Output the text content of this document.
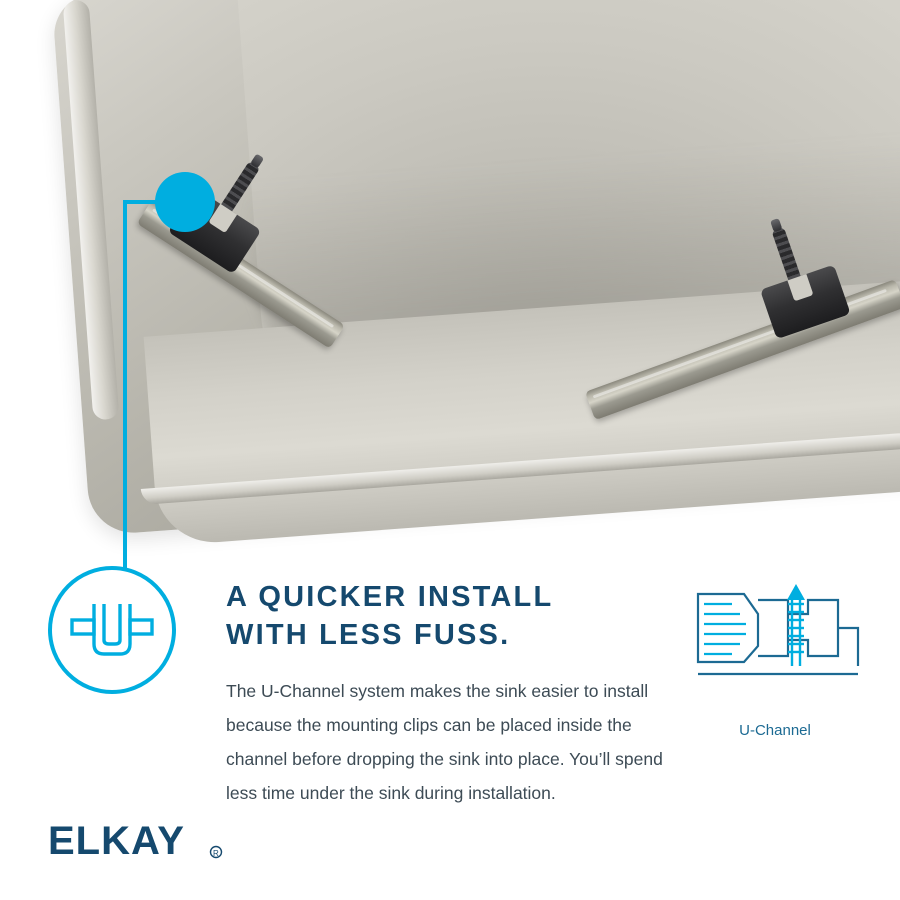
A QUICKER INSTALL
WITH LESS FUSS.
The U-Channel system makes the sink easier to install because the mounting clips can be placed inside the channel before dropping the sink into place. You’ll spend less time under the sink during installation.
U-Channel
ELKAY	R
